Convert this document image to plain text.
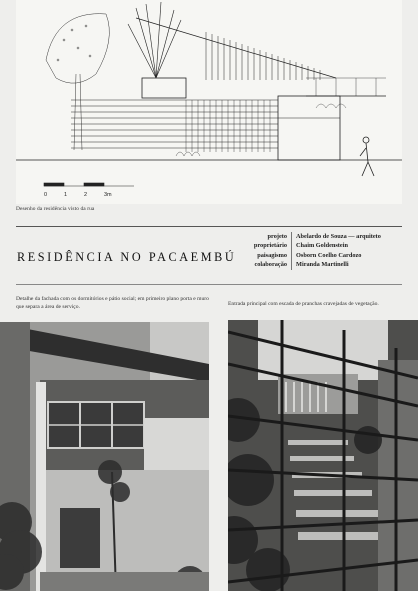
0	1	2	3m
Desenho da residência visto da rua
RESIDÊNCIA NO PACAEMBÚ
projeto	Abelardo de Souza — arquiteto
proprietário	Chaim Goldenstein
paisagismo	Osborn Coelho Cardozo
colaboração	Miranda Martinelli
Detalhe da fachada com os dormitórios e pátio social; em primeiro plano porta e muro que separa a área de serviço.
Entrada principal com escada de pranchas cravejadas de vegetação.
